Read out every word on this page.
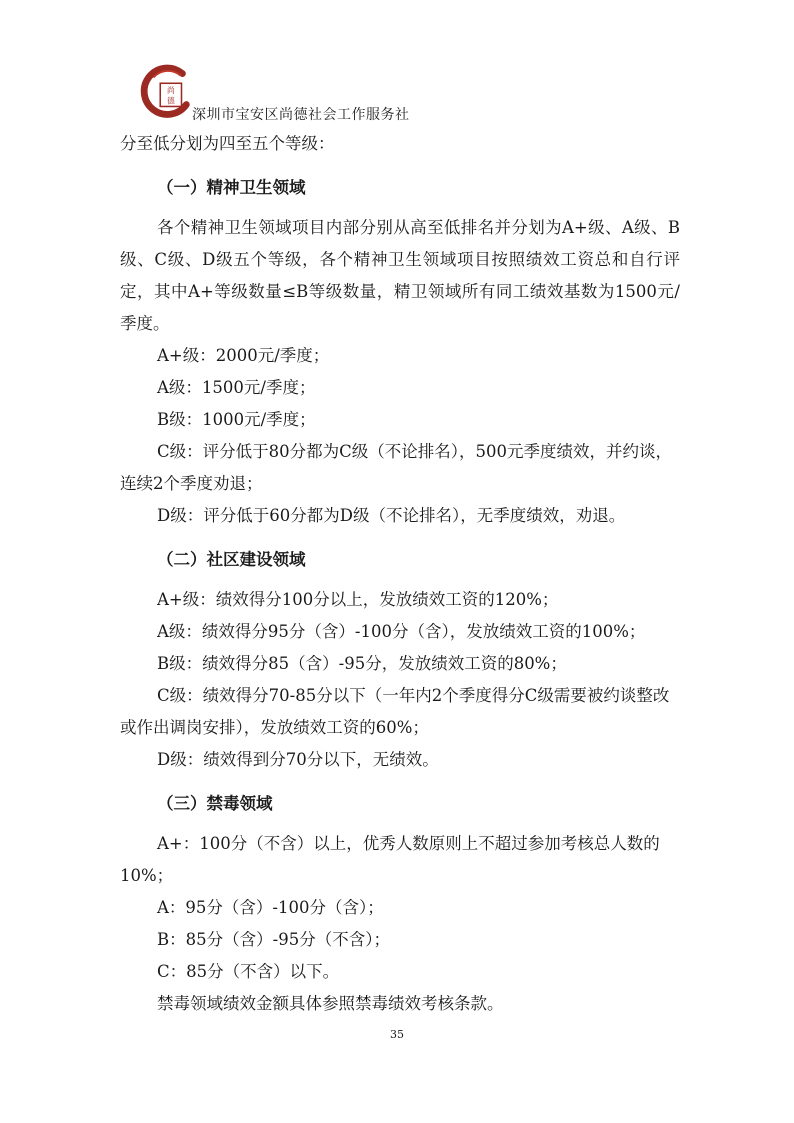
尚
德
深圳市宝安区尚德社会工作服务社

分至低分划为四至五个等级：

（一）精神卫生领域

各个精神卫生领域项目内部分别从高至低排名并分划为A+级、A级、B级、C级、D级五个等级，各个精神卫生领域项目按照绩效工资总和自行评定，其中A+等级数量≤B等级数量，精卫领域所有同工绩效基数为1500元/季度。

A+级：2000元/季度；

A级：1500元/季度；

B级：1000元/季度；

C级：评分低于80分都为C级（不论排名），500元季度绩效，并约谈，连续2个季度劝退；

D级：评分低于60分都为D级（不论排名），无季度绩效，劝退。

（二）社区建设领域

A+级：绩效得分100分以上，发放绩效工资的120%；

A级：绩效得分95分（含）-100分（含），发放绩效工资的100%；

B级：绩效得分85（含）-95分，发放绩效工资的80%；

C级：绩效得分70-85分以下（一年内2个季度得分C级需要被约谈整改或作出调岗安排），发放绩效工资的60%；

D级：绩效得到分70分以下，无绩效。

（三）禁毒领域

A+：100分（不含）以上，优秀人数原则上不超过参加考核总人数的10%；

A：95分（含）-100分（含）；

B：85分（含）-95分（不含）；

C：85分（不含）以下。

禁毒领域绩效金额具体参照禁毒绩效考核条款。

35
